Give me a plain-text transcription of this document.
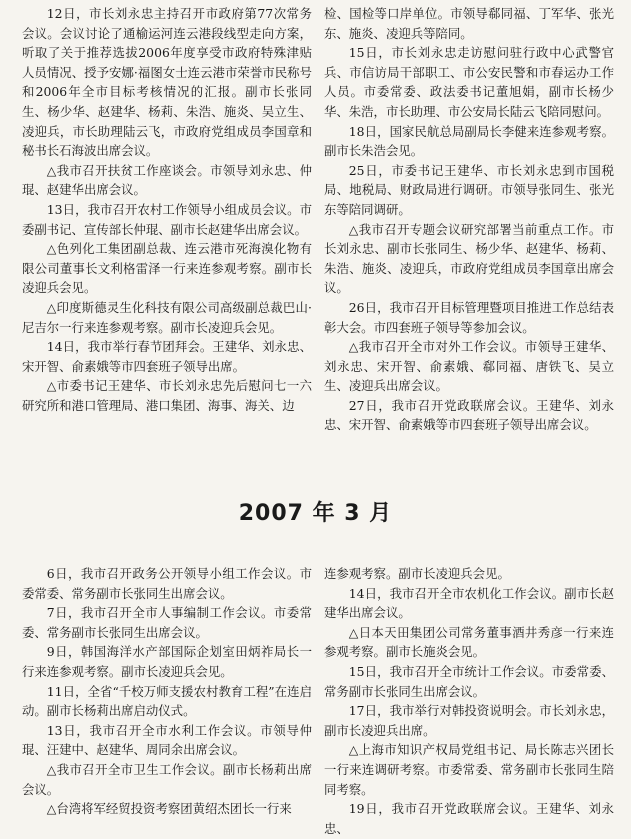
12日，市长刘永忠主持召开市政府第77次常务会议。会议讨论了通榆运河连云港段线型走向方案，听取了关于推荐选拔2006年度享受市政府特殊津贴人员情况、授予安娜·福图女士连云港市荣誉市民称号和2006年全市目标考核情况的汇报。副市长张同生、杨少华、赵建华、杨莉、朱浩、施炎、吴立生、凌迎兵，市长助理陆云飞，市政府党组成员李国章和秘书长石海波出席会议。

△我市召开扶贫工作座谈会。市领导刘永忠、仲琨、赵建华出席会议。

13日，我市召开农村工作领导小组成员会议。市委副书记、宣传部长仲琨、副市长赵建华出席会议。

△色列化工集团副总裁、连云港市死海溴化物有限公司董事长文利格雷泽一行来连参观考察。副市长凌迎兵会见。

△印度斯德灵生化科技有限公司高级副总裁巴山·尼吉尔一行来连参观考察。副市长凌迎兵会见。

14日，我市举行春节团拜会。王建华、刘永忠、宋开智、俞素娥等市四套班子领导出席。

△市委书记王建华、市长刘永忠先后慰问七一六研究所和港口管理局、港口集团、海事、海关、边

检、国检等口岸单位。市领导郗同福、丁军华、张光东、施炎、凌迎兵等陪同。

15日，市长刘永忠走访慰问驻行政中心武警官兵、市信访局干部职工、市公安民警和市春运办工作人员。市委常委、政法委书记董旭娟，副市长杨少华、朱浩，市长助理、市公安局长陆云飞陪同慰问。

18日，国家民航总局副局长李健来连参观考察。副市长朱浩会见。

25日，市委书记王建华、市长刘永忠到市国税局、地税局、财政局进行调研。市领导张同生、张光东等陪同调研。

△我市召开专题会议研究部署当前重点工作。市长刘永忠、副市长张同生、杨少华、赵建华、杨莉、朱浩、施炎、凌迎兵，市政府党组成员李国章出席会议。

26日，我市召开目标管理暨项目推进工作总结表彰大会。市四套班子领导等参加会议。

△我市召开全市对外工作会议。市领导王建华、刘永忠、宋开智、俞素娥、郗同福、唐铁飞、吴立生、凌迎兵出席会议。

27日，我市召开党政联席会议。王建华、刘永忠、宋开智、俞素娥等市四套班子领导出席会议。

2007 年 3 月

6日，我市召开政务公开领导小组工作会议。市委常委、常务副市长张同生出席会议。

7日，我市召开全市人事编制工作会议。市委常委、常务副市长张同生出席会议。

9日，韩国海洋水产部国际企划室田炳祚局长一行来连参观考察。副市长凌迎兵会见。

11日，全省“千校万师支援农村教育工程”在连启动。副市长杨莉出席启动仪式。

13日，我市召开全市水利工作会议。市领导仲琨、汪建中、赵建华、周同余出席会议。

△我市召开全市卫生工作会议。副市长杨莉出席会议。

△台湾将军经贸投资考察团黄绍杰团长一行来

连参观考察。副市长凌迎兵会见。

14日，我市召开全市农机化工作会议。副市长赵建华出席会议。

△日本天田集团公司常务董事酒井秀彦一行来连参观考察。副市长施炎会见。

15日，我市召开全市统计工作会议。市委常委、常务副市长张同生出席会议。

17日，我市举行对韩投资说明会。市长刘永忠，副市长凌迎兵出席。

△上海市知识产权局党组书记、局长陈志兴团长一行来连调研考察。市委常委、常务副市长张同生陪同考察。

19日，我市召开党政联席会议。王建华、刘永忠、
